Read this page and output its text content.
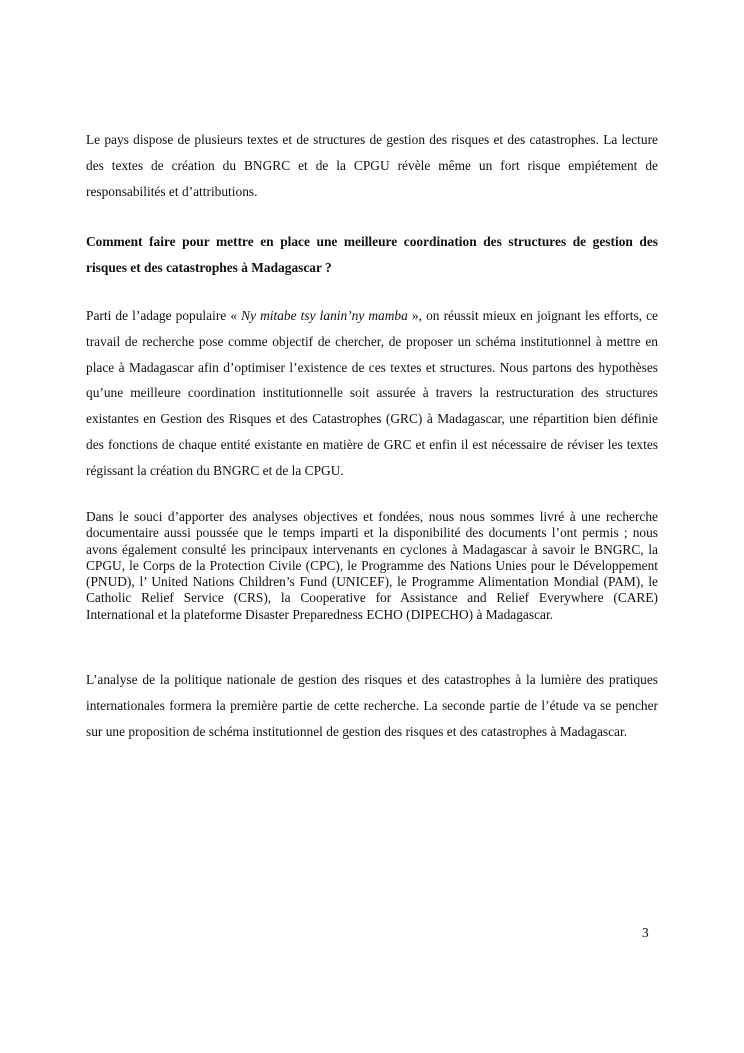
Le pays dispose de plusieurs textes et de structures de gestion des risques et des catastrophes. La lecture des textes de création du BNGRC et de la CPGU révèle même un fort risque empiétement de responsabilités et d’attributions.

Comment faire pour mettre en place une meilleure coordination des structures de gestion des risques et des catastrophes à Madagascar ?

Parti de l’adage populaire « Ny mitabe tsy lanin’ny mamba », on réussit mieux en joignant les efforts, ce travail de recherche pose comme objectif de chercher, de proposer un schéma institutionnel à mettre en place à Madagascar afin d’optimiser l’existence de ces textes et structures. Nous partons des hypothèses qu’une meilleure coordination institutionnelle soit assurée à travers la restructuration des structures existantes en Gestion des Risques et des Catastrophes (GRC) à Madagascar, une répartition bien définie des fonctions de chaque entité existante en matière de GRC et enfin il est nécessaire de réviser les textes régissant la création du BNGRC et de la CPGU.

Dans le souci d’apporter des analyses objectives et fondées, nous nous sommes livré à une recherche documentaire aussi poussée que le temps imparti et la disponibilité des documents l’ont permis ; nous avons également consulté les principaux intervenants en cyclones à Madagascar à savoir le BNGRC, la CPGU, le Corps de la Protection Civile (CPC), le Programme des Nations Unies pour le Développement (PNUD), l’ United Nations Children’s Fund (UNICEF), le Programme Alimentation Mondial (PAM), le Catholic Relief Service (CRS), la Cooperative for Assistance and Relief Everywhere (CARE) International et la plateforme Disaster Preparedness ECHO (DIPECHO) à Madagascar.

L’analyse de la politique nationale de gestion des risques et des catastrophes à la lumière des pratiques internationales formera la première partie de cette recherche. La seconde partie de l’étude va se pencher sur une proposition de schéma institutionnel de gestion des risques et des catastrophes à Madagascar.

3
